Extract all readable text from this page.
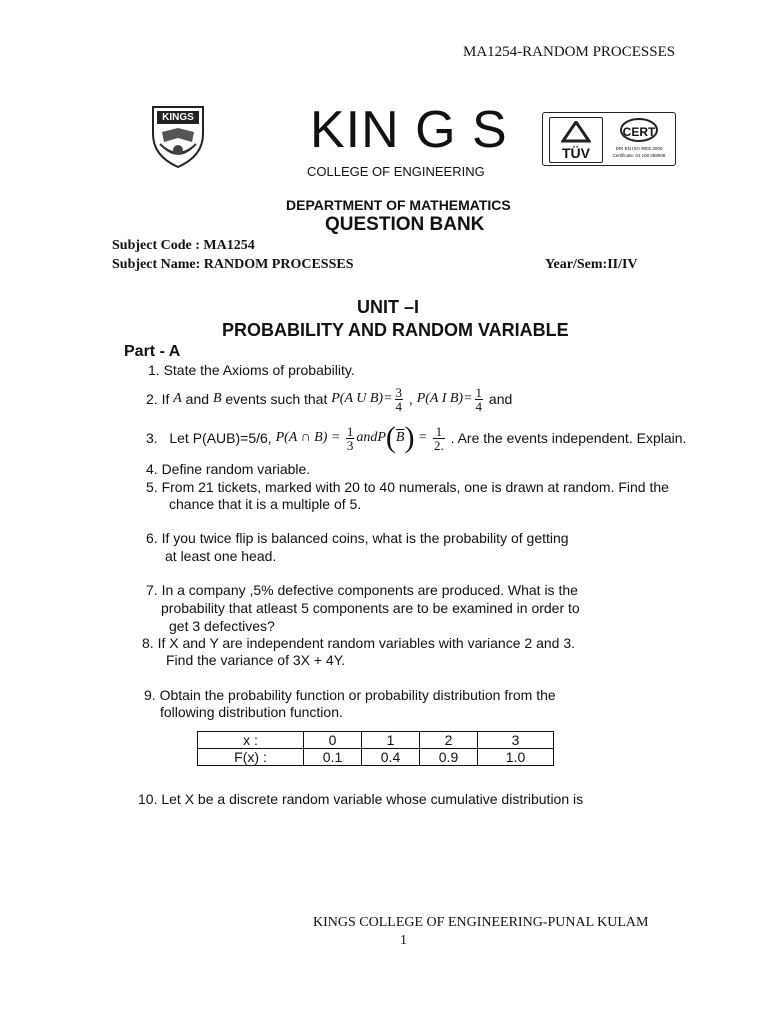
MA1254-RANDOM PROCESSES
KINGS KIN G S
COLLEGE OF ENGINEERING
TÜV
CERT
DIN EN ISO 9001:2000
Certificate: 01 100 058608
DEPARTMENT OF MATHEMATICS
QUESTION BANK
Subject Code : MA1254
Subject Name: RANDOM PROCESSES	Year/Sem:II/IV
UNIT –I
PROBABILITY AND RANDOM VARIABLE
Part - A
1. State the Axioms of probability.
2. If A and B events such that P(A U $B)= \frac{3}{4}$ , P(A I $B)= \frac{1}{4}$ and
3.   Let P(AUB)=5/6, P(A ∩ $B) = \frac{1}{3}$ andP ( $\overline{B}$ ) = $\frac{1}{2.}$ . Are the events independent. Explain.
4. Define random variable.
5. From 21 tickets, marked with 20 to 40 numerals, one is drawn at random. Find the
chance that it is a multiple of 5.
6. If you twice flip is balanced coins, what is the probability of getting
at least one head.
7. In a company ,5% defective components are produced. What is the
probability that atleast 5 components are to be examined in order to
get 3 defectives?
8. If X and Y are independent random variables with variance 2 and 3.
Find the variance of 3X + 4Y.
9. Obtain the probability function or probability distribution from the
following distribution function.
x :	0	1	2	3
F(x) :	0.1	0.4	0.9	1.0
10. Let X be a discrete random variable whose cumulative distribution is
KINGS COLLEGE OF ENGINEERING-PUNAL KULAM
1
